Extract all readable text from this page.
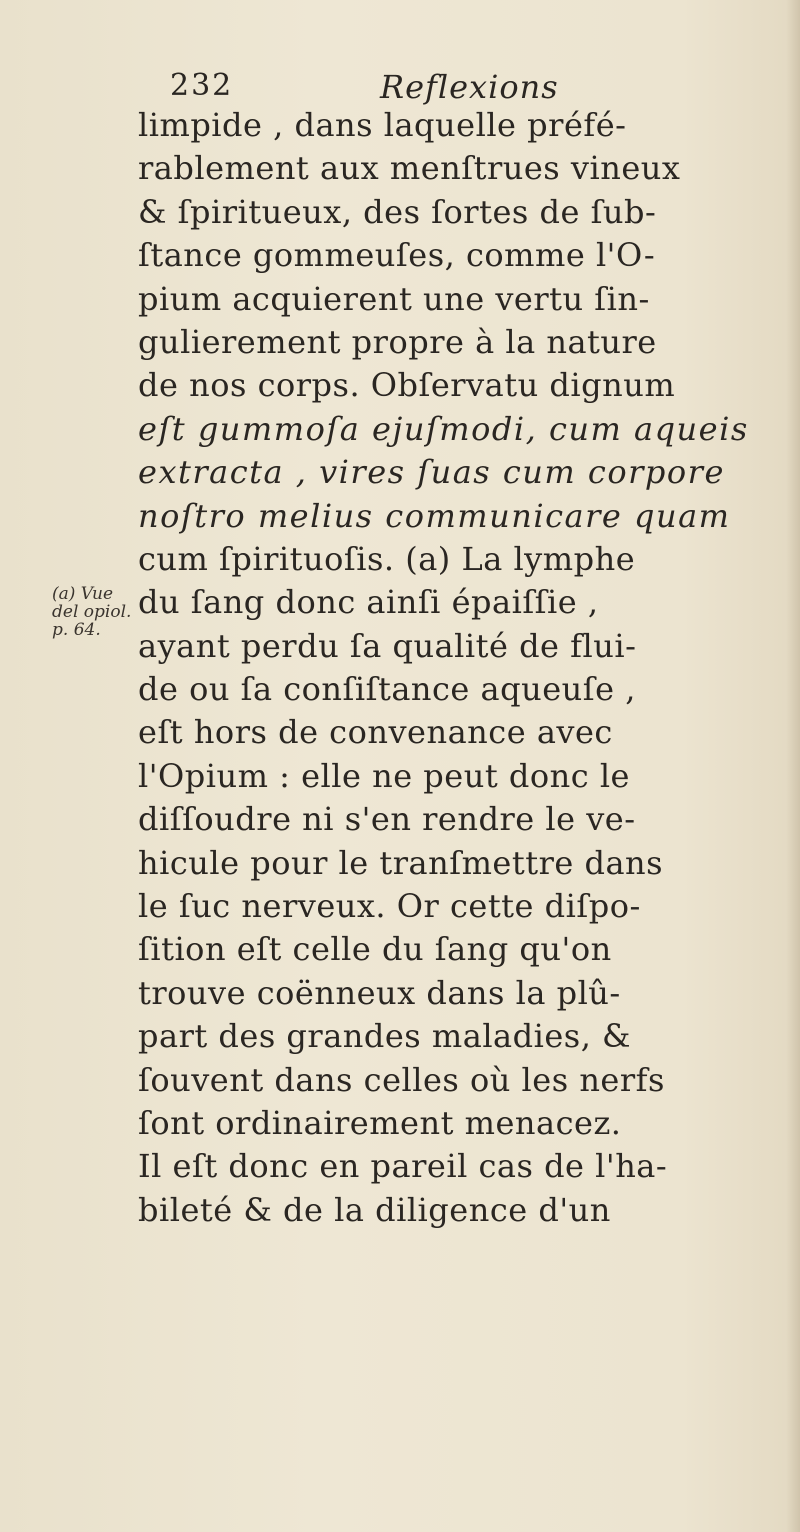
232	Reflexions
(a) Vue
del opiol.
p. 64.
limpide , dans laquelle préfé-
rablement aux menſtrues vineux
& ſpiritueux, des ſortes de ſub-
ſtance gommeuſes, comme l'O-
pium acquierent une vertu ſin-
gulierement propre à la nature
de nos corps. Obſervatu dignum
eſt gummoſa ejuſmodi, cum aqueis
extracta , vires ſuas cum corpore
noſtro melius communicare quam
cum ſpirituoſis. (a) La lymphe
du ſang donc ainſi épaiſſie ,
ayant perdu ſa qualité de flui-
de ou ſa conſiſtance aqueuſe ,
eſt hors de convenance avec
l'Opium : elle ne peut donc le
diſſoudre ni s'en rendre le ve-
hicule pour le tranſmettre dans
le ſuc nerveux. Or cette diſpo-
ſition eſt celle du ſang qu'on
trouve coënneux dans la plû-
part des grandes maladies, &
ſouvent dans celles où les nerfs
ſont ordinairement menacez.
Il eſt donc en pareil cas de l'ha-
bileté & de la diligence d'un
